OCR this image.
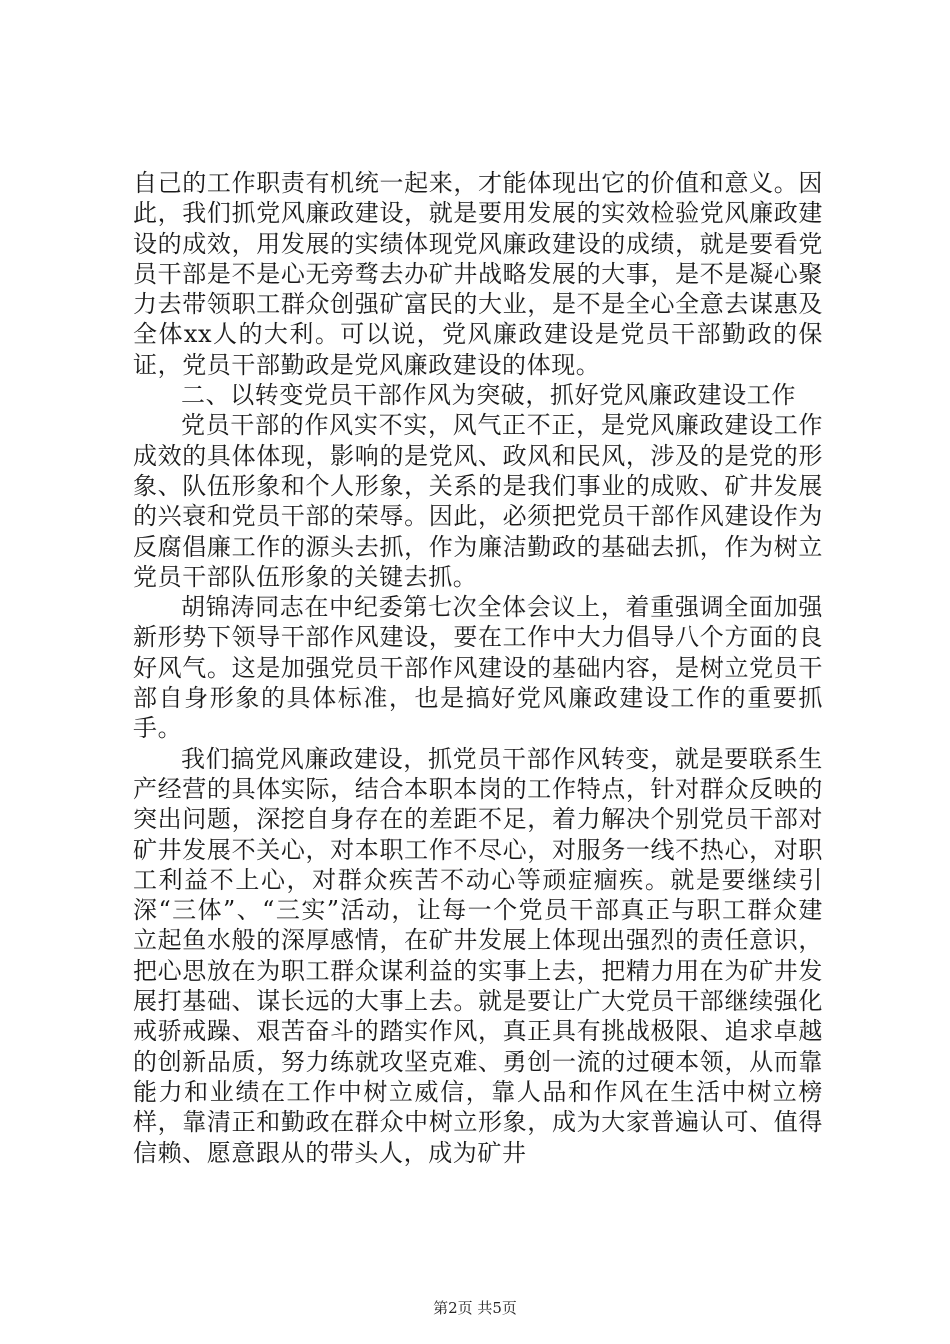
自己的工作职责有机统一起来，才能体现出它的价值和意义。因此，我们抓党风廉政建设，就是要用发展的实效检验党风廉政建设的成效，用发展的实绩体现党风廉政建设的成绩，就是要看党员干部是不是心无旁骛去办矿井战略发展的大事，是不是凝心聚力去带领职工群众创强矿富民的大业，是不是全心全意去谋惠及全体xx人的大利。可以说，党风廉政建设是党员干部勤政的保证，党员干部勤政是党风廉政建设的体现。

二、以转变党员干部作风为突破，抓好党风廉政建设工作

党员干部的作风实不实，风气正不正，是党风廉政建设工作成效的具体体现，影响的是党风、政风和民风，涉及的是党的形象、队伍形象和个人形象，关系的是我们事业的成败、矿井发展的兴衰和党员干部的荣辱。因此，必须把党员干部作风建设作为反腐倡廉工作的源头去抓，作为廉洁勤政的基础去抓，作为树立党员干部队伍形象的关键去抓。

胡锦涛同志在中纪委第七次全体会议上，着重强调全面加强新形势下领导干部作风建设，要在工作中大力倡导八个方面的良好风气。这是加强党员干部作风建设的基础内容，是树立党员干部自身形象的具体标准，也是搞好党风廉政建设工作的重要抓手。

我们搞党风廉政建设，抓党员干部作风转变，就是要联系生产经营的具体实际，结合本职本岗的工作特点，针对群众反映的突出问题，深挖自身存在的差距不足，着力解决个别党员干部对矿井发展不关心，对本职工作不尽心，对服务一线不热心，对职工利益不上心，对群众疾苦不动心等顽症痼疾。就是要继续引深“三体”、“三实”活动，让每一个党员干部真正与职工群众建立起鱼水般的深厚感情，在矿井发展上体现出强烈的责任意识，把心思放在为职工群众谋利益的实事上去，把精力用在为矿井发展打基础、谋长远的大事上去。就是要让广大党员干部继续强化戒骄戒躁、艰苦奋斗的踏实作风，真正具有挑战极限、追求卓越的创新品质，努力练就攻坚克难、勇创一流的过硬本领，从而靠能力和业绩在工作中树立威信，靠人品和作风在生活中树立榜样，靠清正和勤政在群众中树立形象，成为大家普遍认可、值得信赖、愿意跟从的带头人，成为矿井

第2页 共5页
